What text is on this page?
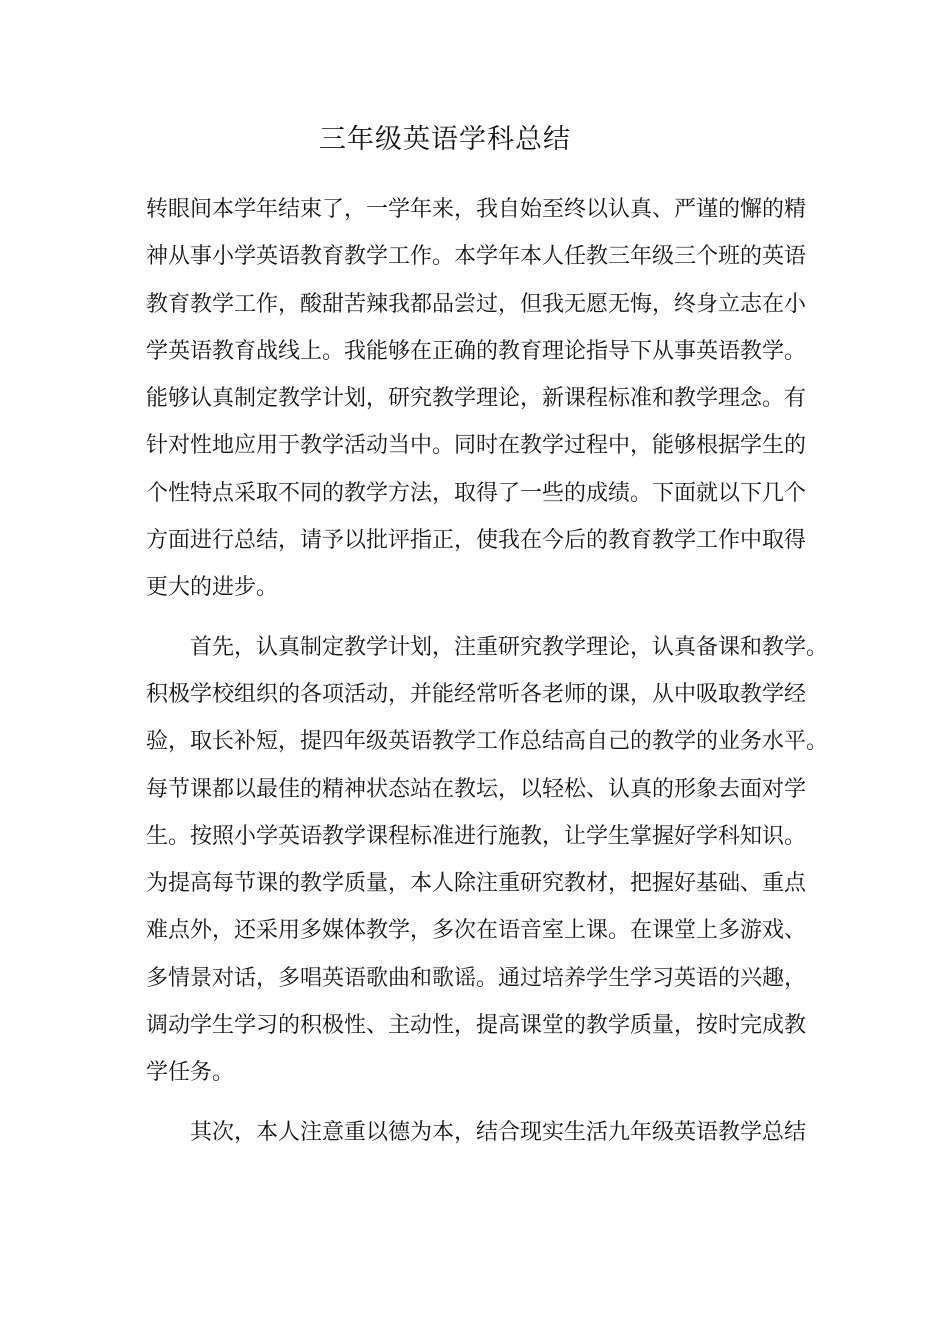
三年级英语学科总结
转眼间本学年结束了，一学年来，我自始至终以认真、严谨的懈的精
神从事小学英语教育教学工作。本学年本人任教三年级三个班的英语
教育教学工作，酸甜苦辣我都品尝过，但我无愿无悔，终身立志在小
学英语教育战线上。我能够在正确的教育理论指导下从事英语教学。
能够认真制定教学计划，研究教学理论，新课程标准和教学理念。有
针对性地应用于教学活动当中。同时在教学过程中，能够根据学生的
个性特点采取不同的教学方法，取得了一些的成绩。下面就以下几个
方面进行总结，请予以批评指正，使我在今后的教育教学工作中取得
更大的进步。
首先，认真制定教学计划，注重研究教学理论，认真备课和教学。
积极学校组织的各项活动，并能经常听各老师的课，从中吸取教学经
验，取长补短，提四年级英语教学工作总结高自己的教学的业务水平。
每节课都以最佳的精神状态站在教坛，以轻松、认真的形象去面对学
生。按照小学英语教学课程标准进行施教，让学生掌握好学科知识。
为提高每节课的教学质量，本人除注重研究教材，把握好基础、重点
难点外，还采用多媒体教学，多次在语音室上课。在课堂上多游戏、
多情景对话，多唱英语歌曲和歌谣。通过培养学生学习英语的兴趣，
调动学生学习的积极性、主动性，提高课堂的教学质量，按时完成教
学任务。
其次，本人注意重以德为本，结合现实生活九年级英语教学总结
